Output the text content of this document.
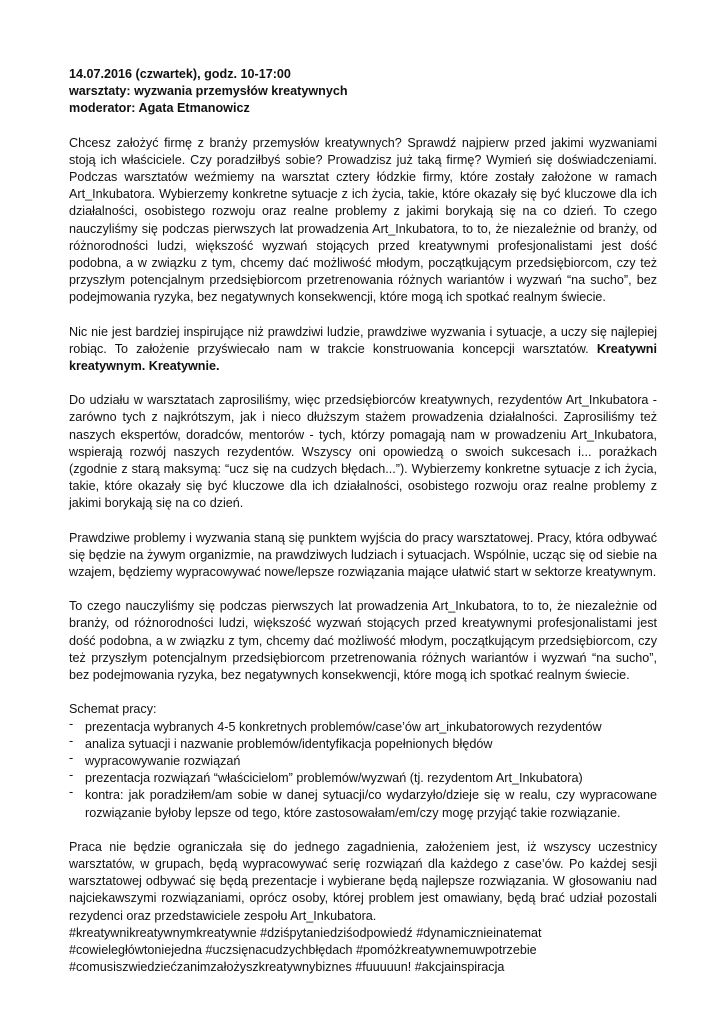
14.07.2016 (czwartek), godz. 10-17:00

warsztaty: wyzwania przemysłów kreatywnych

moderator: Agata Etmanowicz

Chcesz założyć firmę z branży przemysłów kreatywnych? Sprawdź najpierw przed jakimi wyzwaniami stoją ich właściciele. Czy poradziłbyś sobie? Prowadzisz już taką firmę? Wymień się doświadczeniami. Podczas warsztatów weźmiemy na warsztat cztery łódzkie firmy, które zostały założone w ramach Art_Inkubatora. Wybierzemy konkretne sytuacje z ich życia, takie, które okazały się być kluczowe dla ich działalności, osobistego rozwoju oraz realne problemy z jakimi borykają się na co dzień. To czego nauczyliśmy się podczas pierwszych lat prowadzenia Art_Inkubatora, to to, że niezależnie od branży, od różnorodności ludzi, większość wyzwań stojących przed kreatywnymi profesjonalistami jest dość podobna, a w związku z tym, chcemy dać możliwość młodym, początkującym przedsiębiorcom, czy też przyszłym potencjalnym przedsiębiorcom przetrenowania różnych wariantów i wyzwań “na sucho”, bez podejmowania ryzyka, bez negatywnych konsekwencji, które mogą ich spotkać realnym świecie.

Nic nie jest bardziej inspirujące niż prawdziwi ludzie, prawdziwe wyzwania i sytuacje, a uczy się najlepiej robiąc. To założenie przyświecało nam w trakcie konstruowania koncepcji warsztatów. Kreatywni kreatywnym. Kreatywnie.

Do udziału w warsztatach zaprosiliśmy, więc przedsiębiorców kreatywnych, rezydentów Art_Inkubatora - zarówno tych z najkrótszym, jak i nieco dłuższym stażem prowadzenia działalności. Zaprosiliśmy też naszych ekspertów, doradców, mentorów - tych, którzy pomagają nam w prowadzeniu Art_Inkubatora, wspierają rozwój naszych rezydentów. Wszyscy oni opowiedzą o swoich sukcesach i... porażkach (zgodnie z starą maksymą: “ucz się na cudzych błędach...”). Wybierzemy konkretne sytuacje z ich życia, takie, które okazały się być kluczowe dla ich działalności, osobistego rozwoju oraz realne problemy z jakimi borykają się na co dzień.

Prawdziwe problemy i wyzwania staną się punktem wyjścia do pracy warsztatowej. Pracy, która odbywać się będzie na żywym organizmie, na prawdziwych ludziach i sytuacjach. Wspólnie, ucząc się od siebie na wzajem, będziemy wypracowywać nowe/lepsze rozwiązania mające ułatwić start w sektorze kreatywnym.

To czego nauczyliśmy się podczas pierwszych lat prowadzenia Art_Inkubatora, to to, że niezależnie od branży, od różnorodności ludzi, większość wyzwań stojących przed kreatywnymi profesjonalistami jest dość podobna, a w związku z tym, chcemy dać możliwość młodym, początkującym przedsiębiorcom, czy też przyszłym potencjalnym przedsiębiorcom przetrenowania różnych wariantów i wyzwań “na sucho”, bez podejmowania ryzyka, bez negatywnych konsekwencji, które mogą ich spotkać realnym świecie.

Schemat pracy:

- prezentacja wybranych 4-5 konkretnych problemów/case’ów art_inkubatorowych rezydentów
- analiza sytuacji i nazwanie problemów/identyfikacja popełnionych błędów
- wypracowywanie rozwiązań
- prezentacja rozwiązań “właścicielom” problemów/wyzwań (tj. rezydentom Art_Inkubatora)
- kontra: jak poradziłem/am sobie w danej sytuacji/co wydarzyło/dzieje się w realu, czy wypracowane rozwiązanie byłoby lepsze od tego, które zastosowałam/em/czy mogę przyjąć takie rozwiązanie.

Praca nie będzie ograniczała się do jednego zagadnienia, założeniem jest, iż wszyscy uczestnicy warsztatów, w grupach, będą wypracowywać serię rozwiązań dla każdego z case’ów. Po każdej sesji warsztatowej odbywać się będą prezentacje i wybierane będą najlepsze rozwiązania. W głosowaniu nad najciekawszymi rozwiązaniami, oprócz osoby, której problem jest omawiany, będą brać udział pozostali rezydenci oraz przedstawiciele zespołu Art_Inkubatora.

#kreatywnikreatywnymkreatywnie #dziśpytaniedziśodpowiedź #dynamicznieinatemat

#cowieległówtoniejedna #uczsięnacudzychbłędach #pomóżkreatywnemuwpotrzebie

#comusiszwiedziećzanimzałożyszkreatywnybiznes #fuuuuun! #akcjainspiracja
